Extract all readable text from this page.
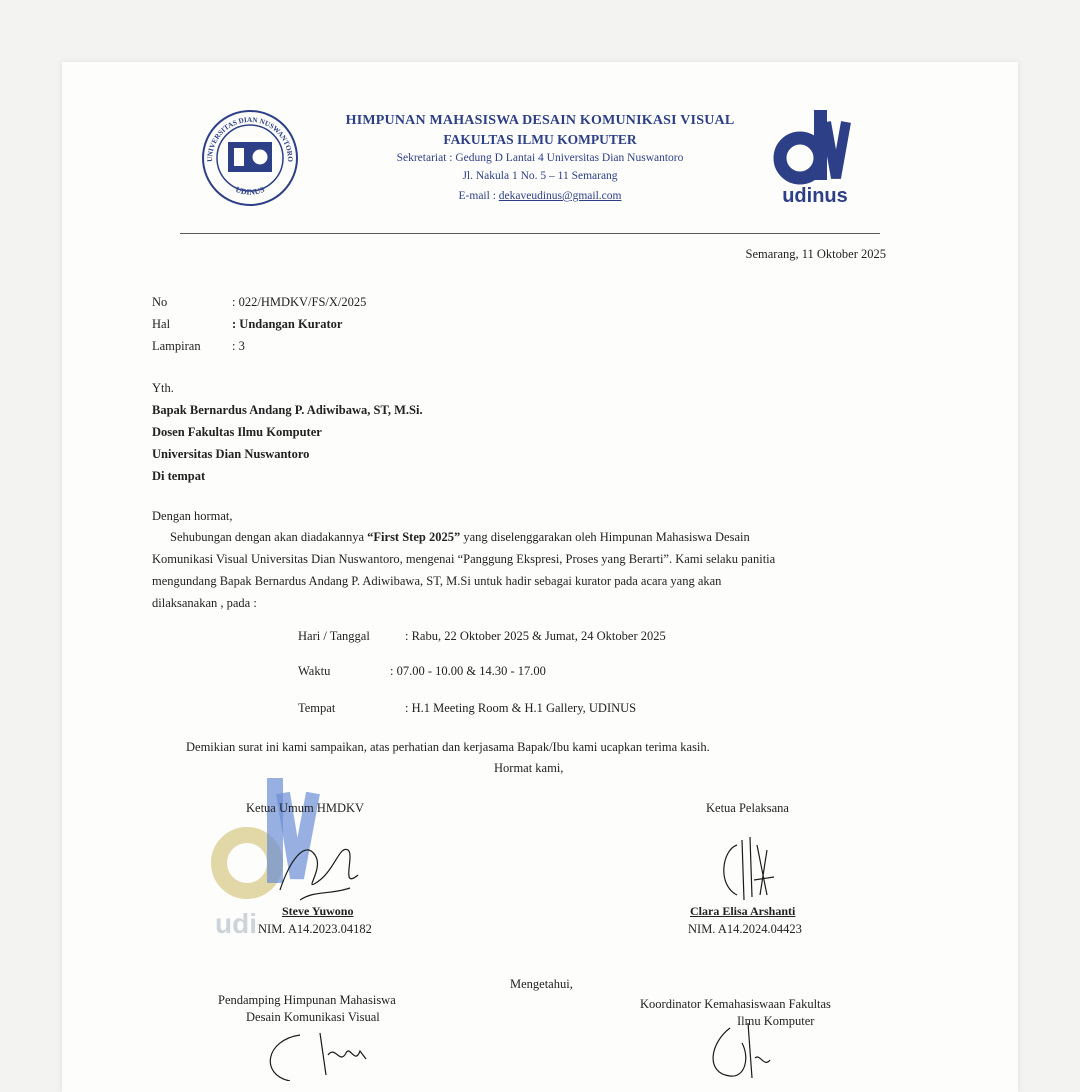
UNIVERSITAS DIAN NUSWANTORO
UDINUS
HIMPUNAN MAHASISWA DESAIN KOMUNIKASI VISUAL
FAKULTAS ILMU KOMPUTER
Sekretariat : Gedung D Lantai 4 Universitas Dian Nuswantoro
Jl. Nakula 1 No. 5 – 11 Semarang
E-mail : dekaveudinus@gmail.com	udinus
Semarang, 11 Oktober 2025
No	: 022/HMDKV/FS/X/2025
Hal	: Undangan Kurator
Lampiran	: 3
Yth.
Bapak Bernardus Andang P. Adiwibawa, ST, M.Si.
Dosen Fakultas Ilmu Komputer
Universitas Dian Nuswantoro
Di tempat
Dengan hormat,
Sehubungan dengan akan diadakannya “First Step 2025” yang diselenggarakan oleh Himpunan Mahasiswa Desain
Komunikasi Visual Universitas Dian Nuswantoro, mengenai “Panggung Ekspresi, Proses yang Berarti”. Kami selaku panitia
mengundang Bapak Bernardus Andang P. Adiwibawa, ST, M.Si untuk hadir sebagai kurator pada acara yang akan
dilaksanakan , pada :
Hari / Tanggal	: Rabu, 22 Oktober 2025 & Jumat, 24 Oktober 2025
Waktu	: 07.00 - 10.00 & 14.30 - 17.00
Tempat	: H.1 Meeting Room & H.1 Gallery, UDINUS
Demikian surat ini kami sampaikan, atas perhatian dan kerjasama Bapak/Ibu kami ucapkan terima kasih.
Hormat kami,
udi
Ketua Umum HMDKV
Steve Yuwono
NIM. A14.2023.04182
Ketua Pelaksana
Clara Elisa Arshanti
NIM. A14.2024.04423
Mengetahui,
Pendamping Himpunan Mahasiswa
Desain Komunikasi Visual
Koordinator Kemahasiswaan Fakultas
Ilmu Komputer
